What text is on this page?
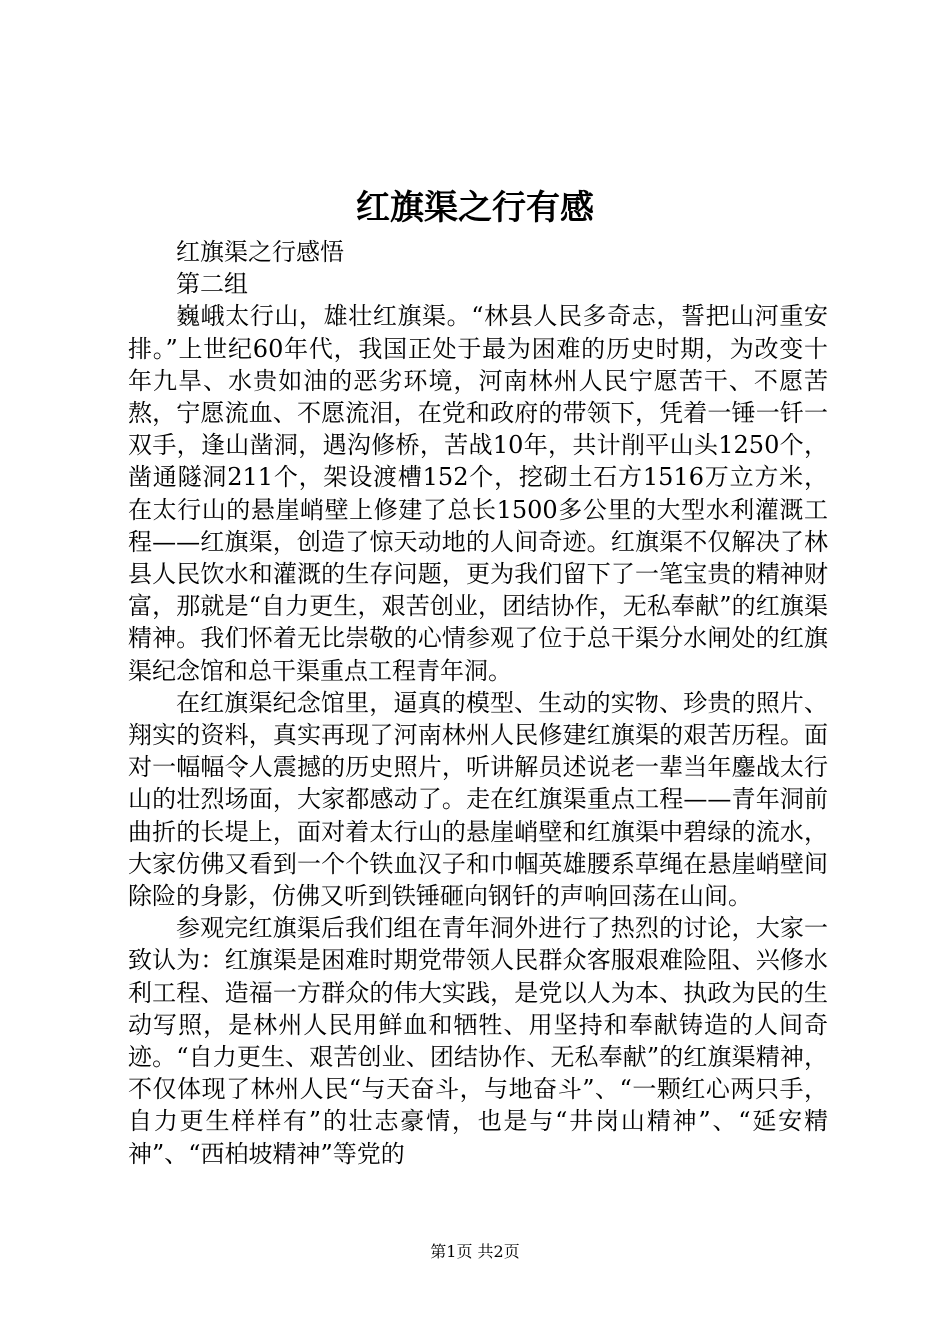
红旗渠之行有感

红旗渠之行感悟

第二组

巍峨太行山，雄壮红旗渠。“林县人民多奇志，誓把山河重安排。”上世纪60年代，我国正处于最为困难的历史时期，为改变十年九旱、水贵如油的恶劣环境，河南林州人民宁愿苦干、不愿苦熬，宁愿流血、不愿流泪，在党和政府的带领下，凭着一锤一钎一双手，逢山凿洞，遇沟修桥，苦战10年，共计削平山头1250个，凿通隧洞211个，架设渡槽152个，挖砌土石方1516万立方米，在太行山的悬崖峭壁上修建了总长1500多公里的大型水利灌溉工程——红旗渠，创造了惊天动地的人间奇迹。红旗渠不仅解决了林县人民饮水和灌溉的生存问题，更为我们留下了一笔宝贵的精神财富，那就是“自力更生，艰苦创业，团结协作，无私奉献”的红旗渠精神。我们怀着无比崇敬的心情参观了位于总干渠分水闸处的红旗渠纪念馆和总干渠重点工程青年洞。

在红旗渠纪念馆里，逼真的模型、生动的实物、珍贵的照片、翔实的资料，真实再现了河南林州人民修建红旗渠的艰苦历程。面对一幅幅令人震撼的历史照片，听讲解员述说老一辈当年鏖战太行山的壮烈场面，大家都感动了。走在红旗渠重点工程——青年洞前曲折的长堤上，面对着太行山的悬崖峭壁和红旗渠中碧绿的流水，大家仿佛又看到一个个铁血汉子和巾帼英雄腰系草绳在悬崖峭壁间除险的身影，仿佛又听到铁锤砸向钢钎的声响回荡在山间。

参观完红旗渠后我们组在青年洞外进行了热烈的讨论，大家一致认为：红旗渠是困难时期党带领人民群众客服艰难险阻、兴修水利工程、造福一方群众的伟大实践，是党以人为本、执政为民的生动写照，是林州人民用鲜血和牺牲、用坚持和奉献铸造的人间奇迹。“自力更生、艰苦创业、团结协作、无私奉献”的红旗渠精神，不仅体现了林州人民“与天奋斗，与地奋斗”、“一颗红心两只手，自力更生样样有”的壮志豪情，也是与“井岗山精神”、“延安精神”、“西柏坡精神”等党的

第1页 共2页
